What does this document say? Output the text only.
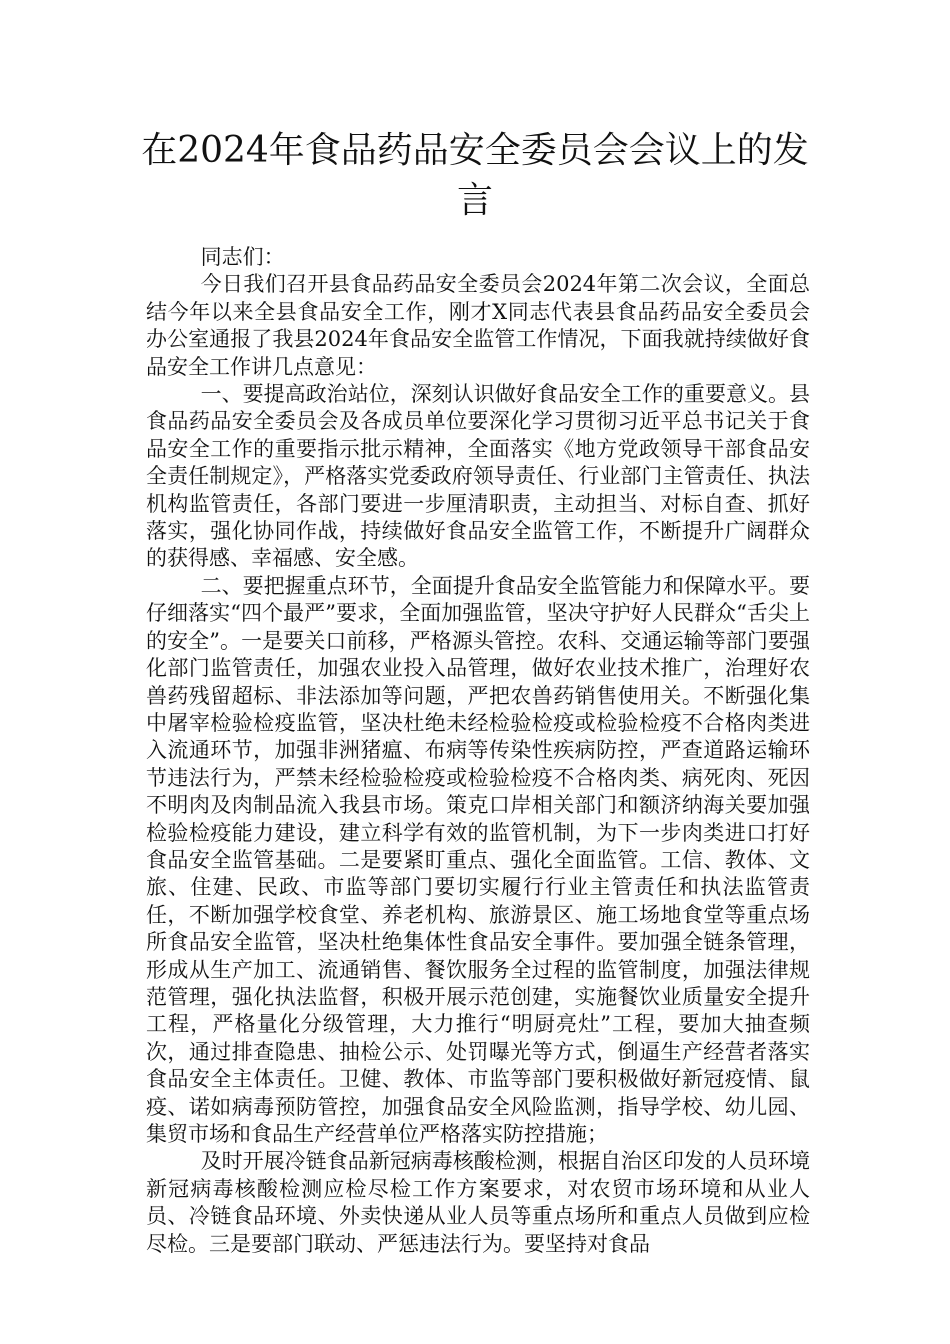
在2024年食品药品安全委员会会议上的发言

同志们：

今日我们召开县食品药品安全委员会2024年第二次会议，全面总结今年以来全县食品安全工作，刚才X同志代表县食品药品安全委员会办公室通报了我县2024年食品安全监管工作情况，下面我就持续做好食品安全工作讲几点意见：

一、要提高政治站位，深刻认识做好食品安全工作的重要意义。县食品药品安全委员会及各成员单位要深化学习贯彻习近平总书记关于食品安全工作的重要指示批示精神，全面落实《地方党政领导干部食品安全责任制规定》，严格落实党委政府领导责任、行业部门主管责任、执法机构监管责任，各部门要进一步厘清职责，主动担当、对标自查、抓好落实，强化协同作战，持续做好食品安全监管工作，不断提升广阔群众的获得感、幸福感、安全感。

二、要把握重点环节，全面提升食品安全监管能力和保障水平。要仔细落实“四个最严”要求，全面加强监管，坚决守护好人民群众“舌尖上的安全”。一是要关口前移，严格源头管控。农科、交通运输等部门要强化部门监管责任，加强农业投入品管理，做好农业技术推广，治理好农兽药残留超标、非法添加等问题，严把农兽药销售使用关。不断强化集中屠宰检验检疫监管，坚决杜绝未经检验检疫或检验检疫不合格肉类进入流通环节，加强非洲猪瘟、布病等传染性疾病防控，严查道路运输环节违法行为，严禁未经检验检疫或检验检疫不合格肉类、病死肉、死因不明肉及肉制品流入我县市场。策克口岸相关部门和额济纳海关要加强检验检疫能力建设，建立科学有效的监管机制，为下一步肉类进口打好食品安全监管基础。二是要紧盯重点、强化全面监管。工信、教体、文旅、住建、民政、市监等部门要切实履行行业主管责任和执法监管责任，不断加强学校食堂、养老机构、旅游景区、施工场地食堂等重点场所食品安全监管，坚决杜绝集体性食品安全事件。要加强全链条管理，形成从生产加工、流通销售、餐饮服务全过程的监管制度，加强法律规范管理，强化执法监督，积极开展示范创建，实施餐饮业质量安全提升工程，严格量化分级管理，大力推行“明厨亮灶”工程，要加大抽查频次，通过排查隐患、抽检公示、处罚曝光等方式，倒逼生产经营者落实食品安全主体责任。卫健、教体、市监等部门要积极做好新冠疫情、鼠疫、诺如病毒预防管控，加强食品安全风险监测，指导学校、幼儿园、集贸市场和食品生产经营单位严格落实防控措施；

及时开展冷链食品新冠病毒核酸检测，根据自治区印发的人员环境新冠病毒核酸检测应检尽检工作方案要求，对农贸市场环境和从业人员、冷链食品环境、外卖快递从业人员等重点场所和重点人员做到应检尽检。三是要部门联动、严惩违法行为。要坚持对食品
